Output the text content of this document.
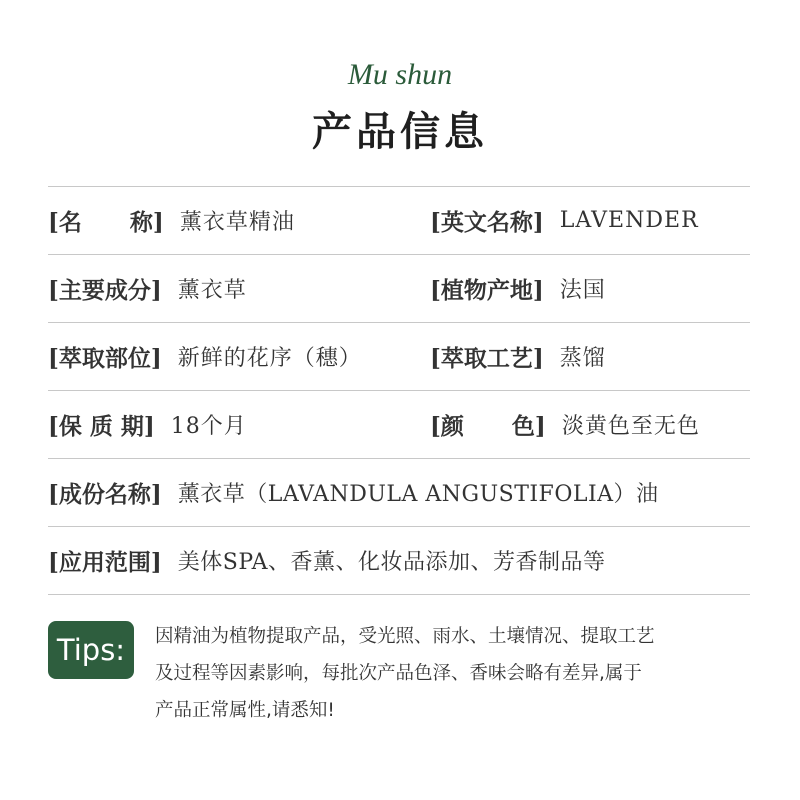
Mu shun
产品信息
[名      称] 薰衣草精油	[英文名称] LAVENDER
[主要成分] 薰衣草	[植物产地] 法国
[萃取部位] 新鲜的花序（穗）	[萃取工艺] 蒸馏
[保 质 期] 18个月	[颜      色] 淡黄色至无色
[成份名称] 薰衣草（LAVANDULA ANGUSTIFOLIA）油
[应用范围] 美体SPA、香薰、化妆品添加、芳香制品等
Tips:	因精油为植物提取产品，受光照、雨水、土壤情况、提取工艺
及过程等因素影响，每批次产品色泽、香味会略有差异,属于
产品正常属性,请悉知!
